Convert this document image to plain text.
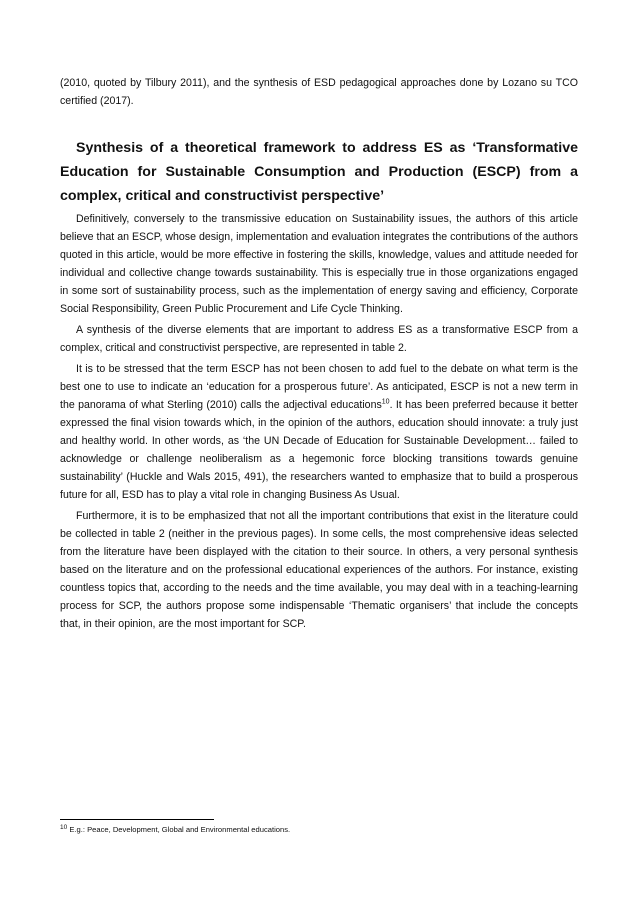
(2010, quoted by Tilbury 2011), and the synthesis of ESD pedagogical approaches done by Lozano su TCO certified (2017).

Synthesis of a theoretical framework to address ES as ‘Transformative Education for Sustainable Consumption and Production (ESCP) from a complex, critical and constructivist perspective’

Definitively, conversely to the transmissive education on Sustainability issues, the authors of this article believe that an ESCP, whose design, implementation and evaluation integrates the contributions of the authors quoted in this article, would be more effective in fostering the skills, knowledge, values and attitude needed for individual and collective change towards sustainability. This is especially true in those organizations engaged in some sort of sustainability process, such as the implementation of energy saving and efficiency, Corporate Social Responsibility, Green Public Procurement and Life Cycle Thinking.

A synthesis of the diverse elements that are important to address ES as a transformative ESCP from a complex, critical and constructivist perspective, are represented in table 2.

It is to be stressed that the term ESCP has not been chosen to add fuel to the debate on what term is the best one to use to indicate an ‘education for a prosperous future’. As anticipated, ESCP is not a new term in the panorama of what Sterling (2010) calls the adjectival educations$^{10}$. It has been preferred because it better expressed the final vision towards which, in the opinion of the authors, education should innovate: a truly just and healthy world. In other words, as ‘the UN Decade of Education for Sustainable Development… failed to acknowledge or challenge neoliberalism as a hegemonic force blocking transitions towards genuine sustainability’ (Huckle and Wals 2015, 491), the researchers wanted to emphasize that to build a prosperous future for all, ESD has to play a vital role in changing Business As Usual.

Furthermore, it is to be emphasized that not all the important contributions that exist in the literature could be collected in table 2 (neither in the previous pages). In some cells, the most comprehensive ideas selected from the literature have been displayed with the citation to their source. In others, a very personal synthesis based on the literature and on the professional educational experiences of the authors. For instance, existing countless topics that, according to the needs and the time available, you may deal with in a teaching-learning process for SCP, the authors propose some indispensable ‘Thematic organisers’ that include the concepts that, in their opinion, are the most important for SCP.

$^{10}$ E.g.: Peace, Development, Global and Environmental educations.
